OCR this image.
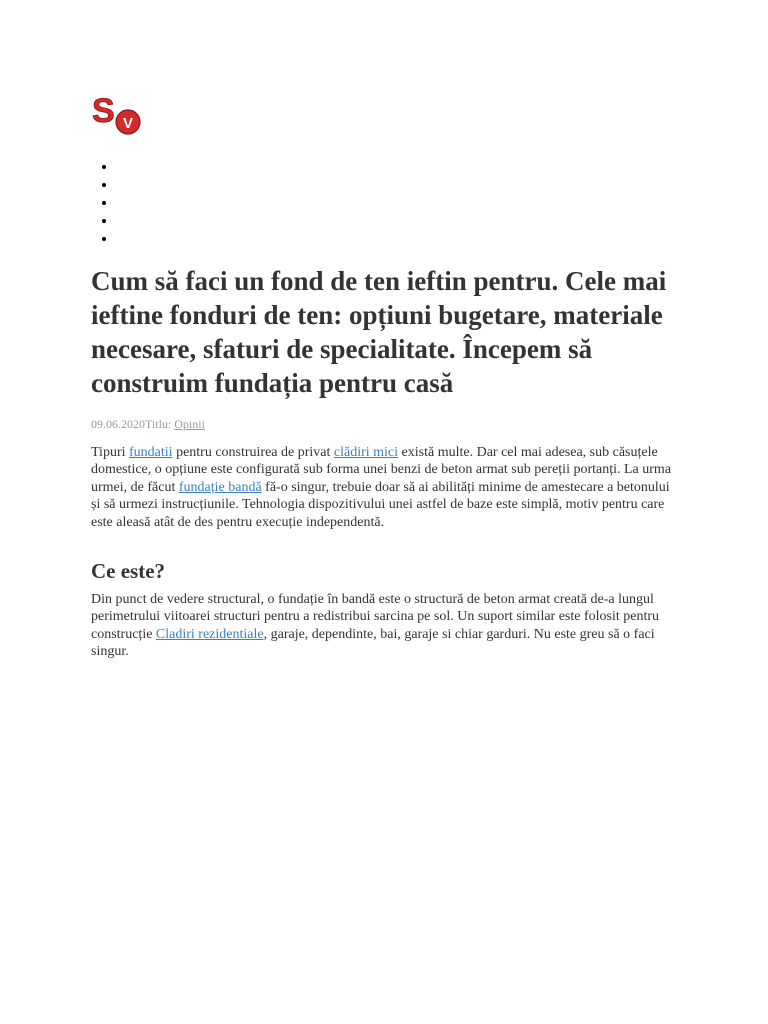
S V
Cum să faci un fond de ten ieftin pentru. Cele mai ieftine fonduri de ten: opțiuni bugetare, materiale necesare, sfaturi de specialitate. Începem să construim fundația pentru casă
09.06.2020Titlu: Opinii

Tipuri fundatii pentru construirea de privat clădiri mici există multe. Dar cel mai adesea, sub căsuțele domestice, o opțiune este configurată sub forma unei benzi de beton armat sub pereții portanți. La urma urmei, de făcut fundație bandă fă-o singur, trebuie doar să ai abilități minime de amestecare a betonului și să urmezi instrucțiunile. Tehnologia dispozitivului unei astfel de baze este simplă, motiv pentru care este aleasă atât de des pentru execuție independentă.

Ce este?

Din punct de vedere structural, o fundație în bandă este o structură de beton armat creată de-a lungul perimetrului viitoarei structuri pentru a redistribui sarcina pe sol. Un suport similar este folosit pentru construcție Cladiri rezidentiale, garaje, dependinte, bai, garaje si chiar garduri. Nu este greu să o faci singur.
